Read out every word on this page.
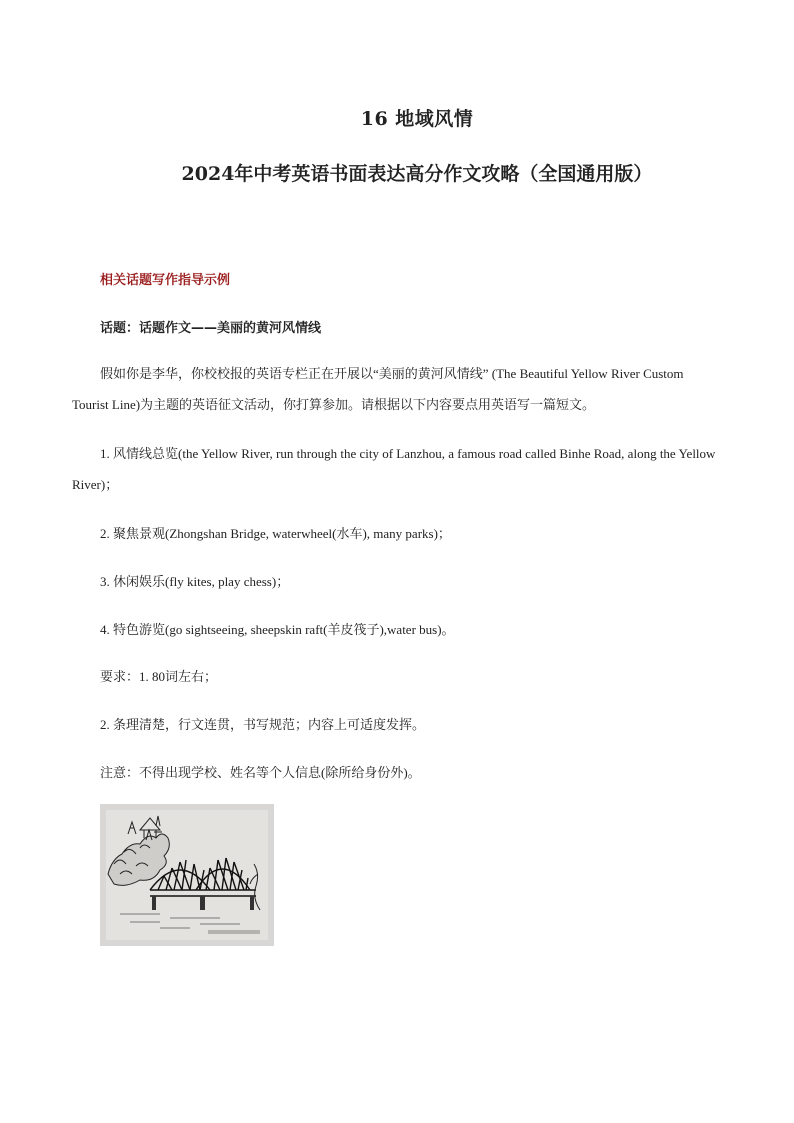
16 地域风情
2024年中考英语书面表达高分作文攻略（全国通用版）
相关话题写作指导示例
话题：话题作文——美丽的黄河风情线
假如你是李华，你校校报的英语专栏正在开展以“美丽的黄河风情线” (The Beautiful Yellow River Custom Tourist Line)为主题的英语征文活动，你打算参加。请根据以下内容要点用英语写一篇短文。
1. 风情线总览(the Yellow River, run through the city of Lanzhou, a famous road called Binhe Road, along the Yellow River)；
2. 聚焦景观(Zhongshan Bridge, waterwheel(水车), many parks)；
3. 休闲娱乐(fly kites, play chess)；
4. 特色游览(go sightseeing, sheepskin raft(羊皮筏子),water bus)。
要求：1. 80词左右；
2. 条理清楚，行文连贯，书写规范；内容上可适度发挥。
注意：不得出现学校、姓名等个人信息(除所给身份外)。
